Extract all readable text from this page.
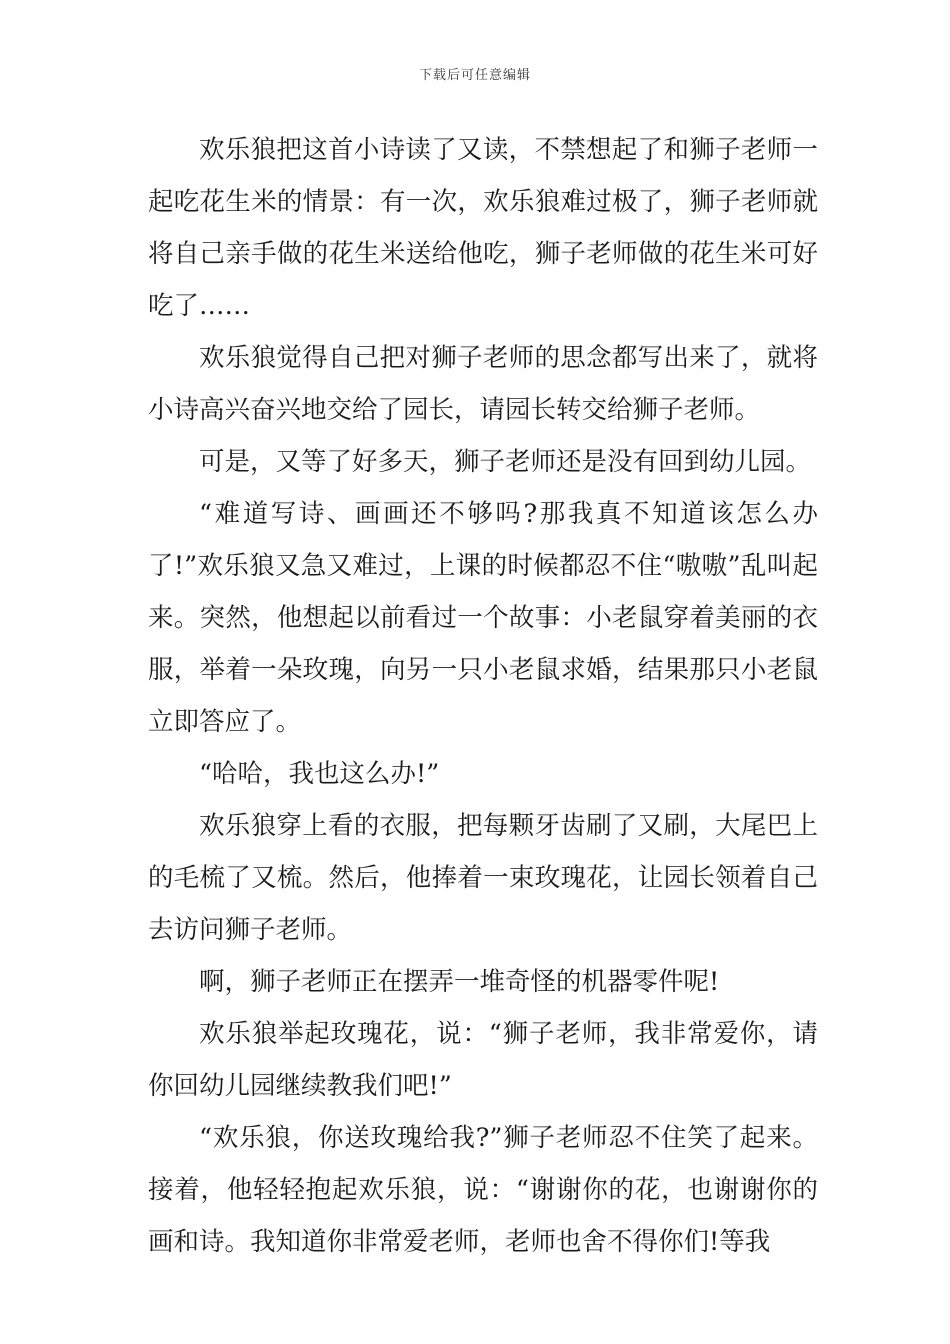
下载后可任意编辑

欢乐狼把这首小诗读了又读，不禁想起了和狮子老师一起吃花生米的情景：有一次，欢乐狼难过极了，狮子老师就将自己亲手做的花生米送给他吃，狮子老师做的花生米可好吃了……

欢乐狼觉得自己把对狮子老师的思念都写出来了，就将小诗高兴奋兴地交给了园长，请园长转交给狮子老师。

可是，又等了好多天，狮子老师还是没有回到幼儿园。

“难道写诗、画画还不够吗?那我真不知道该怎么办了!”欢乐狼又急又难过，上课的时候都忍不住“嗷嗷”乱叫起来。突然，他想起以前看过一个故事：小老鼠穿着美丽的衣服，举着一朵玫瑰，向另一只小老鼠求婚，结果那只小老鼠立即答应了。

“哈哈，我也这么办!”

欢乐狼穿上看的衣服，把每颗牙齿刷了又刷，大尾巴上的毛梳了又梳。然后，他捧着一束玫瑰花，让园长领着自己去访问狮子老师。

啊，狮子老师正在摆弄一堆奇怪的机器零件呢!

欢乐狼举起玫瑰花，说：“狮子老师，我非常爱你，请你回幼儿园继续教我们吧!”

“欢乐狼，你送玫瑰给我?”狮子老师忍不住笑了起来。接着，他轻轻抱起欢乐狼，说：“谢谢你的花，也谢谢你的画和诗。我知道你非常爱老师，老师也舍不得你们!等我
